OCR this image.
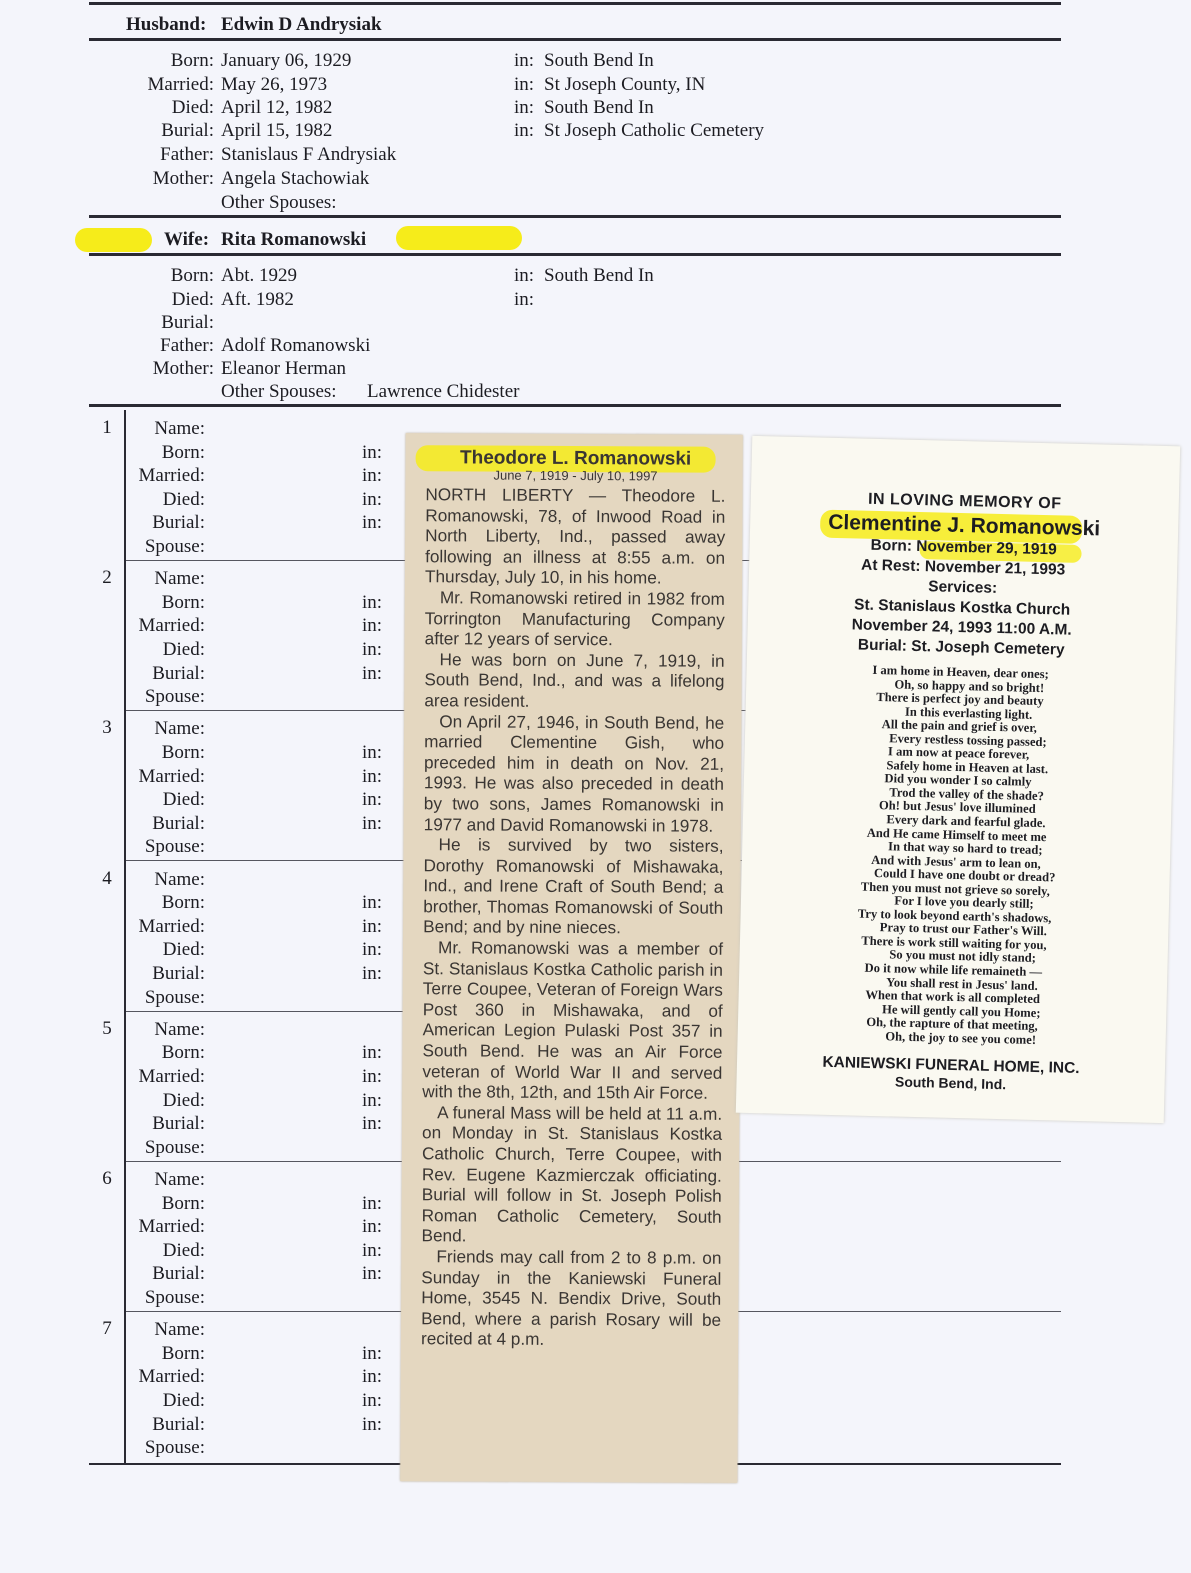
Husband: Edwin D Andrysiak
Born: January 06, 1929	in: South Bend In
Married: May 26, 1973	in: St Joseph County, IN
Died: April 12, 1982	in: South Bend In
Burial: April 15, 1982	in: St Joseph Catholic Cemetery
Father: Stanislaus F Andrysiak
Mother: Angela Stachowiak
Other Spouses:
Wife: Rita Romanowski
Born: Abt. 1929	in: South Bend In
Died: Aft. 1982	in:
Burial:
Father: Adolf Romanowski
Mother: Eleanor Herman
Other Spouses: Lawrence Chidester
1	Name:
Born:	in:
Married:	in:
Died:	in:
Burial:	in:
Spouse:
2	Name:
Born:	in:
Married:	in:
Died:	in:
Burial:	in:
Spouse:
3	Name:
Born:	in:
Married:	in:
Died:	in:
Burial:	in:
Spouse:
4	Name:
Born:	in:
Married:	in:
Died:	in:
Burial:	in:
Spouse:
5	Name:
Born:	in:
Married:	in:
Died:	in:
Burial:	in:
Spouse:
6	Name:
Born:	in:
Married:	in:
Died:	in:
Burial:	in:
Spouse:
7	Name:
Born:	in:
Married:	in:
Died:	in:
Burial:	in:
Spouse:
Theodore L. Romanowski
June 7, 1919 - July 10, 1997

NORTH LIBERTY — Theodore L. Romanowski, 78, of Inwood Road in North Liberty, Ind., passed away following an illness at 8:55 a.m. on Thursday, July 10, in his home.

Mr. Romanowski retired in 1982 from Torrington Manufacturing Company after 12 years of service.

He was born on June 7, 1919, in South Bend, Ind., and was a lifelong area resident.

On April 27, 1946, in South Bend, he married Clementine Gish, who preceded him in death on Nov. 21, 1993. He was also preceded in death by two sons, James Romanowski in 1977 and David Romanowski in 1978.

He is survived by two sisters, Dorothy Romanowski of Mishawaka, Ind., and Irene Craft of South Bend; a brother, Thomas Romanowski of South Bend; and by nine nieces.

Mr. Romanowski was a member of St. Stanislaus Kostka Catholic parish in Terre Coupee, Veteran of Foreign Wars Post 360 in Mishawaka, and of American Legion Pulaski Post 357 in South Bend. He was an Air Force veteran of World War II and served with the 8th, 12th, and 15th Air Force.

A funeral Mass will be held at 11 a.m. on Monday in St. Stanislaus Kostka Catholic Church, Terre Coupee, with Rev. Eugene Kazmierczak officiating. Burial will follow in St. Joseph Polish Roman Catholic Cemetery, South Bend.

Friends may call from 2 to 8 p.m. on Sunday in the Kaniewski Funeral Home, 3545 N. Bendix Drive, South Bend, where a parish Rosary will be recited at 4 p.m.

IN LOVING MEMORY OF
Clementine J. Romanowski
Born: November 29, 1919
At Rest: November 21, 1993
Services:
St. Stanislaus Kostka Church
November 24, 1993 11:00 A.M.
Burial: St. Joseph Cemetery
I am home in Heaven, dear ones;
Oh, so happy and so bright!
There is perfect joy and beauty
In this everlasting light.
All the pain and grief is over,
Every restless tossing passed;
I am now at peace forever,
Safely home in Heaven at last.
Did you wonder I so calmly
Trod the valley of the shade?
Oh! but Jesus' love illumined
Every dark and fearful glade.
And He came Himself to meet me
In that way so hard to tread;
And with Jesus' arm to lean on,
Could I have one doubt or dread?
Then you must not grieve so sorely,
For I love you dearly still;
Try to look beyond earth's shadows,
Pray to trust our Father's Will.
There is work still waiting for you,
So you must not idly stand;
Do it now while life remaineth —
You shall rest in Jesus' land.
When that work is all completed
He will gently call you Home;
Oh, the rapture of that meeting,
Oh, the joy to see you come!
KANIEWSKI FUNERAL HOME, INC.
South Bend, Ind.
